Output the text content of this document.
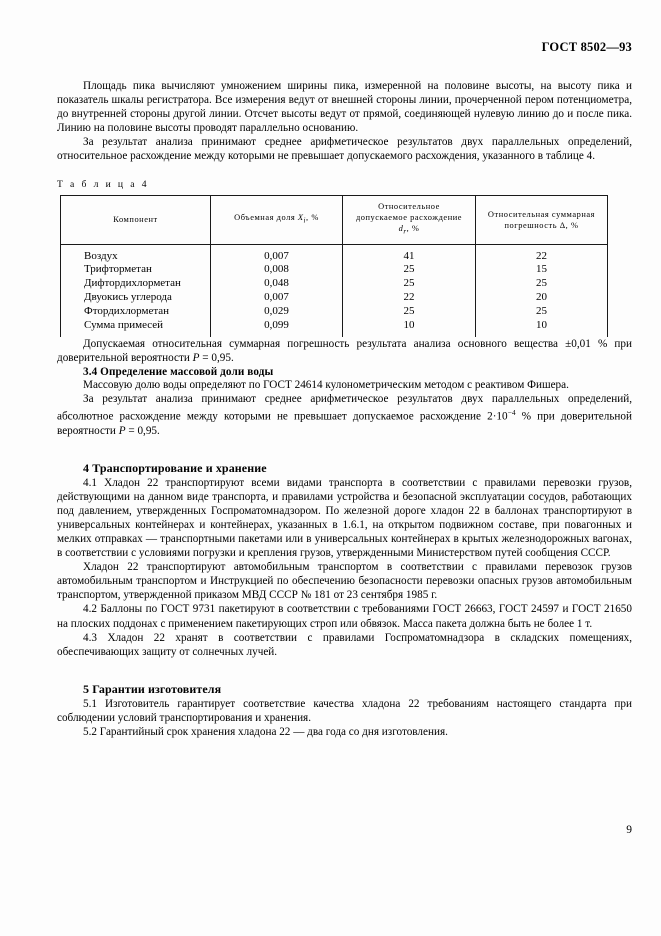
ГОСТ 8502—93

Площадь пика вычисляют умножением ширины пика, измеренной на половине высоты, на высоту пика и показатель шкалы регистратора. Все измерения ведут от внешней стороны линии, прочерченной пером потенциометра, до внутренней стороны другой линии. Отсчет высоты ведут от прямой, соединяющей нулевую линию до и после пика. Линию на половине высоты проводят параллельно основанию.

За результат анализа принимают среднее арифметическое результатов двух параллельных определений, относительное расхождение между которыми не превышает допускаемого расхождения, указанного в таблице 4.

Т а б л и ц а 4
Компонент	Объемная доля $X_i$, %	Относительное
допускаемое расхождение
$d_r$, %	Относительная суммарная
погрешность Δ, %
Воздух	0,007	41	22
Трифторметан	0,008	25	15
Дифтордихлорметан	0,048	25	25
Двуокись углерода	0,007	22	20
Фтордихлорметан	0,029	25	25
Сумма примесей	0,099	10	10

Допускаемая относительная суммарная погрешность результата анализа основного вещества ±0,01 % при доверительной вероятности P = 0,95.

3.4 Определение массовой доли воды

Массовую долю воды определяют по ГОСТ 24614 кулонометрическим методом с реактивом Фишера.

За результат анализа принимают среднее арифметическое результатов двух параллельных определений, абсолютное расхождение между которыми не превышает допускаемое расхождение $2\cdot 10^{-4}$ % при доверительной вероятности P = 0,95.

4 Транспортирование и хранение

4.1 Хладон 22 транспортируют всеми видами транспорта в соответствии с правилами перевозки грузов, действующими на данном виде транспорта, и правилами устройства и безопасной эксплуатации сосудов, работающих под давлением, утвержденных Госпроматомнадзором. По железной дороге хладон 22 в баллонах транспортируют в универсальных контейнерах и контейнерах, указанных в 1.6.1, на открытом подвижном составе, при повагонных и мелких отправках — транспортными пакетами или в универсальных контейнерах в крытых железнодорожных вагонах, в соответствии с условиями погрузки и крепления грузов, утвержденными Министерством путей сообщения СССР.

Хладон 22 транспортируют автомобильным транспортом в соответствии с правилами перевозок грузов автомобильным транспортом и Инструкцией по обеспечению безопасности перевозки опасных грузов автомобильным транспортом, утвержденной приказом МВД СССР № 181 от 23 сентября 1985 г.

4.2 Баллоны по ГОСТ 9731 пакетируют в соответствии с требованиями ГОСТ 26663, ГОСТ 24597 и ГОСТ 21650 на плоских поддонах с применением пакетирующих строп или обвязок. Масса пакета должна быть не более 1 т.

4.3 Хладон 22 хранят в соответствии с правилами Госпроматомнадзора в складских помещениях, обеспечивающих защиту от солнечных лучей.

5 Гарантии изготовителя

5.1 Изготовитель гарантирует соответствие качества хладона 22 требованиям настоящего стандарта при соблюдении условий транспортирования и хранения.

5.2 Гарантийный срок хранения хладона 22 — два года со дня изготовления.

9
